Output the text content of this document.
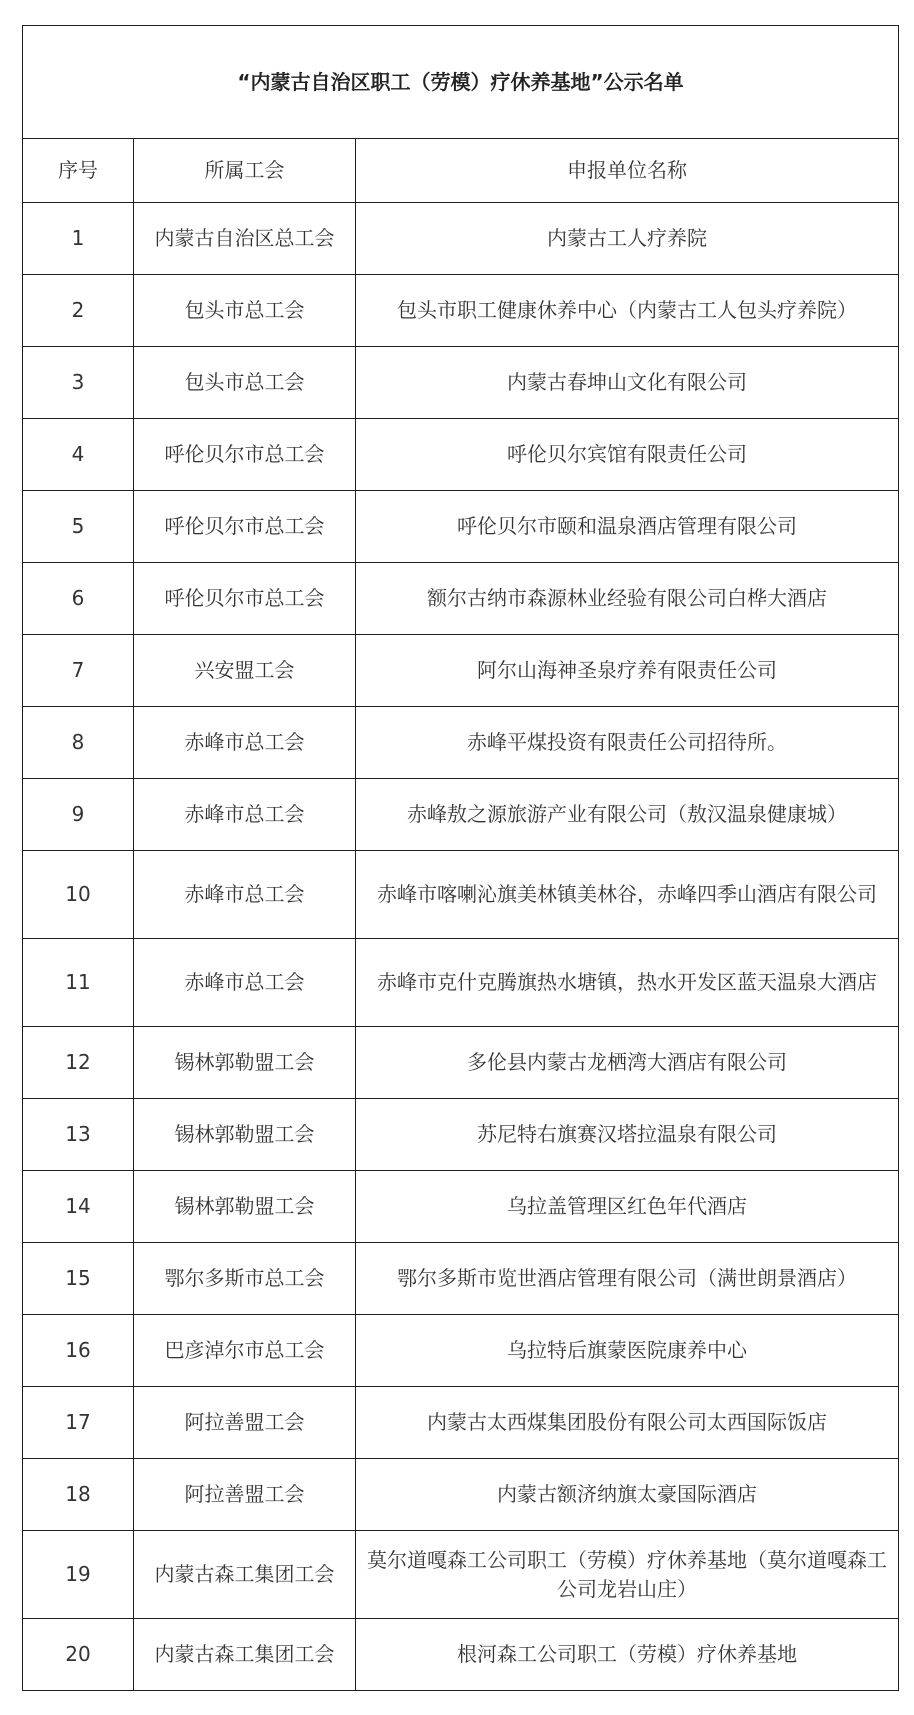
“内蒙古自治区职工（劳模）疗休养基地”公示名单		
序号	所属工会	申报单位名称
1	内蒙古自治区总工会	内蒙古工人疗养院
2	包头市总工会	包头市职工健康休养中心（内蒙古工人包头疗养院）
3	包头市总工会	内蒙古春坤山文化有限公司
4	呼伦贝尔市总工会	呼伦贝尔宾馆有限责任公司
5	呼伦贝尔市总工会	呼伦贝尔市颐和温泉酒店管理有限公司
6	呼伦贝尔市总工会	额尔古纳市森源林业经验有限公司白桦大酒店
7	兴安盟工会	阿尔山海神圣泉疗养有限责任公司
8	赤峰市总工会	赤峰平煤投资有限责任公司招待所。
9	赤峰市总工会	赤峰敖之源旅游产业有限公司（敖汉温泉健康城）
10	赤峰市总工会	赤峰市喀喇沁旗美林镇美林谷，赤峰四季山酒店有限公司
11	赤峰市总工会	赤峰市克什克腾旗热水塘镇，热水开发区蓝天温泉大酒店
12	锡林郭勒盟工会	多伦县内蒙古龙栖湾大酒店有限公司
13	锡林郭勒盟工会	苏尼特右旗赛汉塔拉温泉有限公司
14	锡林郭勒盟工会	乌拉盖管理区红色年代酒店
15	鄂尔多斯市总工会	鄂尔多斯市览世酒店管理有限公司（满世朗景酒店）
16	巴彦淖尔市总工会	乌拉特后旗蒙医院康养中心
17	阿拉善盟工会	内蒙古太西煤集团股份有限公司太西国际饭店
18	阿拉善盟工会	内蒙古额济纳旗太豪国际酒店
19	内蒙古森工集团工会	莫尔道嘎森工公司职工（劳模）疗休养基地（莫尔道嘎森工公司龙岩山庄）
20	内蒙古森工集团工会	根河森工公司职工（劳模）疗休养基地
